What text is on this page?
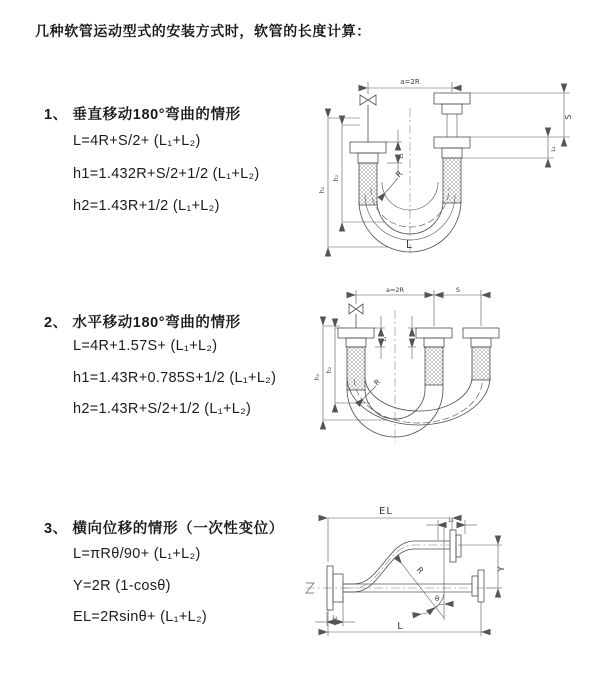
几种软管运动型式的安装方式时，软管的长度计算：
1、 垂直移动180°弯曲的情形
L=4R+S/2+ (L₁+L₂)
h1=1.432R+S/2+1/2 (L₁+L₂)
h2=1.43R+1/2 (L₁+L₂)
a=2R
L₁
S
L₂
R
h₁
h₂
L
2、 水平移动180°弯曲的情形
L=4R+1.57S+ (L₁+L₂)
h1=1.43R+0.785S+1/2 (L₁+L₂)
h2=1.43R+S/2+1/2 (L₁+L₂)
a=2R	S
L₁
R
h₁
h₂
3、 横向位移的情形（一次性变位）
L=πRθ/90+ (L₁+L₂)
Y=2R (1-cosθ)
EL=2Rsinθ+ (L₁+L₂)
EL
L₂
Y
R
θ
L
L₁
